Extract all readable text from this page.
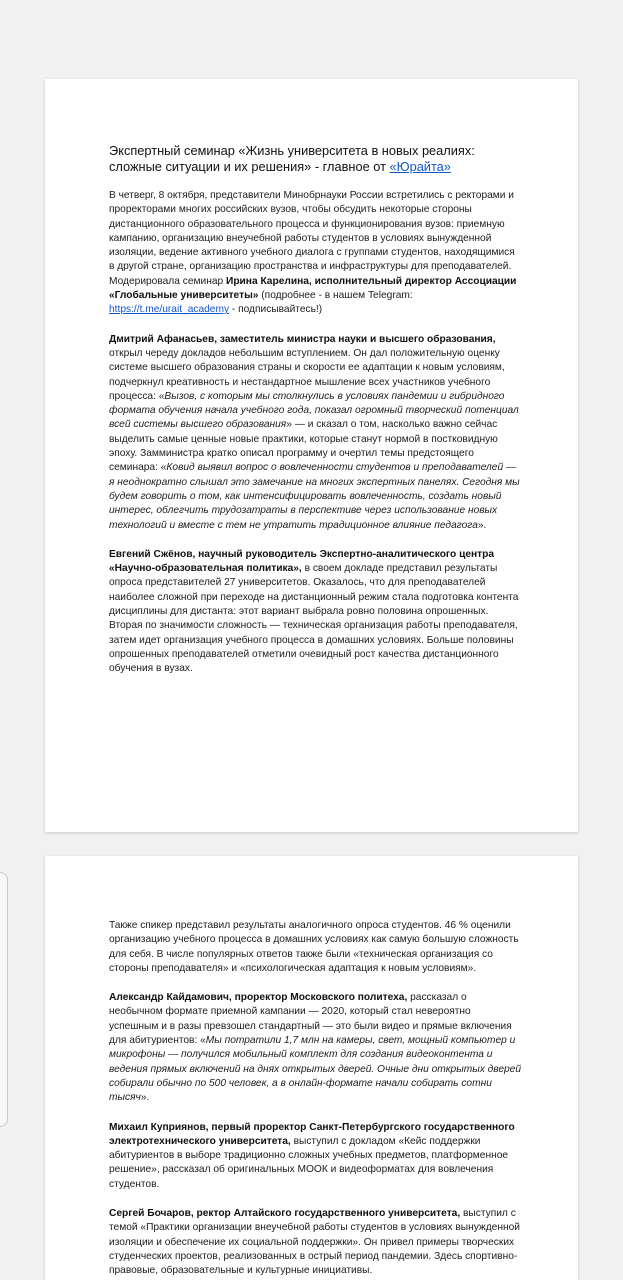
Экспертный семинар «Жизнь университета в новых реалиях: сложные ситуации и их решения» - главное от «Юрайта»

В четверг, 8 октября, представители Минобрнауки России встретились с ректорами и проректорами многих российских вузов, чтобы обсудить некоторые стороны дистанционного образовательного процесса и функционирования вузов: приемную кампанию, организацию внеучебной работы студентов в условиях вынужденной изоляции, ведение активного учебного диалога с группами студентов, находящимися в другой стране, организацию пространства и инфраструктуры для преподавателей. Модерировала семинар Ирина Карелина, исполнительный директор Ассоциации «Глобальные университеты» (подробнее - в нашем Telegram: https://t.me/urait_academy - подписывайтесь!)

Дмитрий Афанасьев, заместитель министра науки и высшего образования, открыл череду докладов небольшим вступлением. Он дал положительную оценку системе высшего образования страны и скорости ее адаптации к новым условиям, подчеркнул креативность и нестандартное мышление всех участников учебного процесса: «Вызов, с которым мы столкнулись в условиях пандемии и гибридного формата обучения начала учебного года, показал огромный творческий потенциал всей системы высшего образования» — и сказал о том, насколько важно сейчас выделить самые ценные новые практики, которые станут нормой в постковидную эпоху. Замминистра кратко описал программу и очертил темы предстоящего семинара: «Ковид выявил вопрос о вовлеченности студентов и преподавателей — я неоднократно слышал это замечание на многих экспертных панелях. Сегодня мы будем говорить о том, как интенсифицировать вовлеченность, создать новый интерес, облегчить трудозатраты в перспективе через использование новых технологий и вместе с тем не утратить традиционное влияние педагога».

Евгений Сжёнов, научный руководитель Экспертно-аналитического центра «Научно-образовательная политика», в своем докладе представил результаты опроса представителей 27 университетов. Оказалось, что для преподавателей наиболее сложной при переходе на дистанционный режим стала подготовка контента дисциплины для дистанта: этот вариант выбрала ровно половина опрошенных. Вторая по значимости сложность — техническая организация работы преподавателя, затем идет организация учебного процесса в домашних условиях. Больше половины опрошенных преподавателей отметили очевидный рост качества дистанционного обучения в вузах.

Также спикер представил результаты аналогичного опроса студентов. 46 % оценили организацию учебного процесса в домашних условиях как самую большую сложность для себя. В числе популярных ответов также были «техническая организация со стороны преподавателя» и «психологическая адаптация к новым условиям».

Александр Кайдамович, проректор Московского политеха, рассказал о необычном формате приемной кампании — 2020, который стал невероятно успешным и в разы превзошел стандартный — это были видео и прямые включения для абитуриентов: «Мы потратили 1,7 млн на камеры, свет, мощный компьютер и микрофоны — получился мобильный комплект для создания видеоконтента и ведения прямых включений на днях открытых дверей. Очные дни открытых дверей собирали обычно по 500 человек, а в онлайн-формате начали собирать сотни тысяч».

Михаил Куприянов, первый проректор Санкт-Петербургского государственного электротехнического университета, выступил с докладом «Кейс поддержки абитуриентов в выборе традиционно сложных учебных предметов, платформенное решение», рассказал об оригинальных МООК и видеоформатах для вовлечения студентов.

Сергей Бочаров, ректор Алтайского государственного университета, выступил с темой «Практики организации внеучебной работы студентов в условиях вынужденной изоляции и обеспечение их социальной поддержки». Он привел примеры творческих студенческих проектов, реализованных в острый период пандемии. Здесь спортивно-правовые, образовательные и культурные инициативы.
